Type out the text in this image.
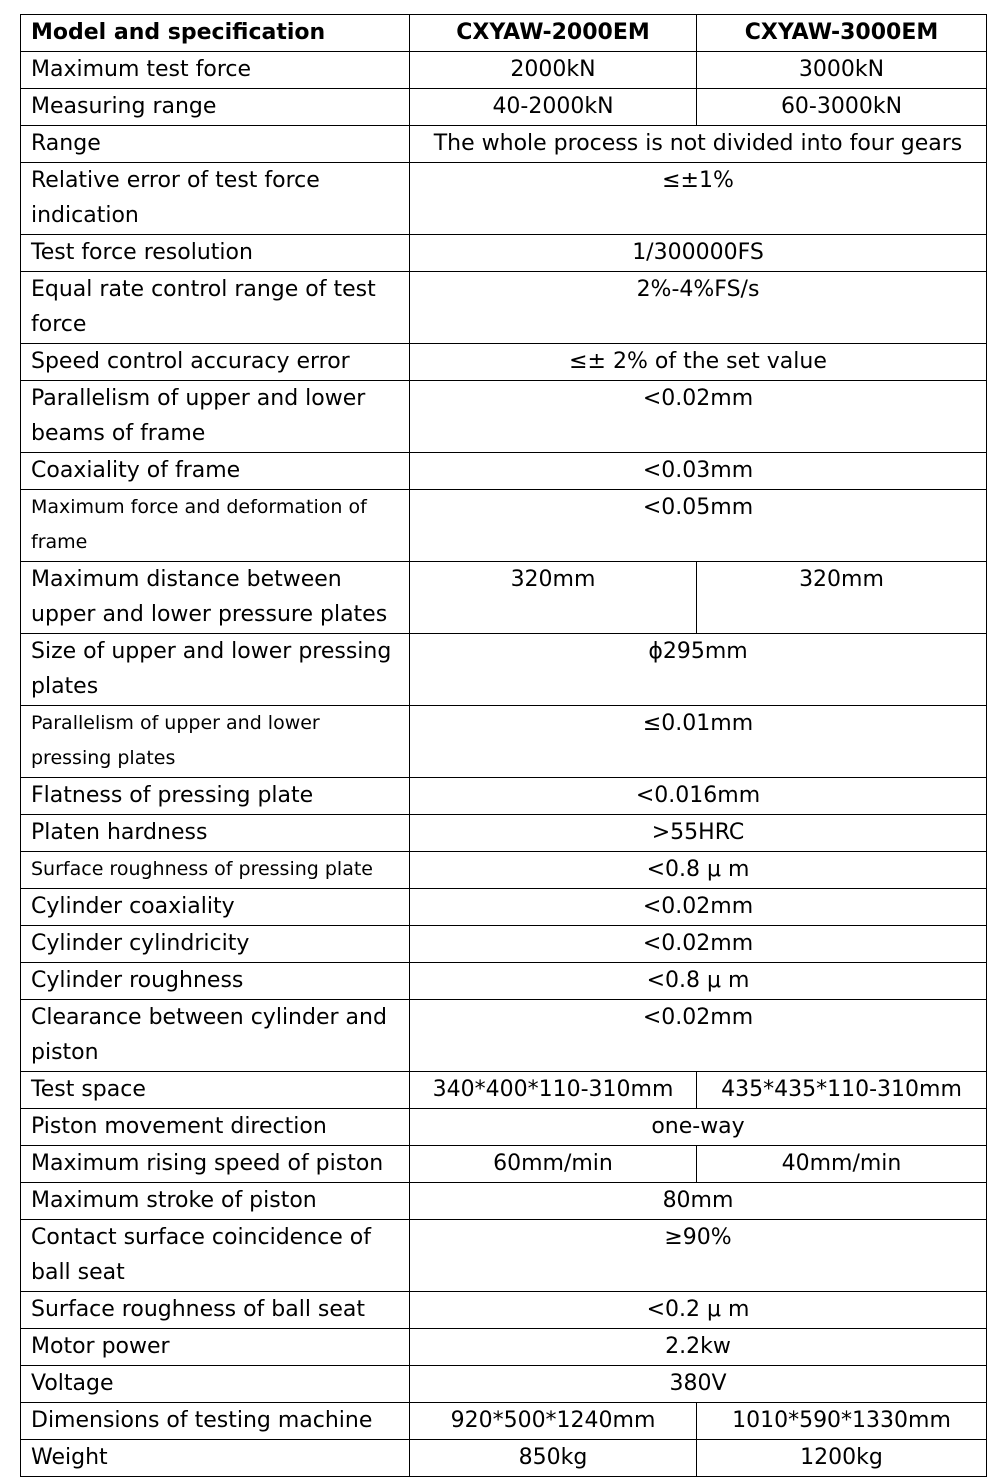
Model and specification	CXYAW-2000EM	CXYAW-3000EM
Maximum test force	2000kN	3000kN
Measuring range	40-2000kN	60-3000kN
Range	The whole process is not divided into four gears	
Relative error of test force indication	≤±1%	
Test force resolution	1/300000FS	
Equal rate control range of test force	2%-4%FS/s	
Speed control accuracy error	≤± 2% of the set value	
Parallelism of upper and lower beams of frame	<0.02mm	
Coaxiality of frame	<0.03mm	
Maximum force and deformation of frame	<0.05mm	
Maximum distance between upper and lower pressure plates	320mm	320mm
Size of upper and lower pressing plates	ϕ295mm	
Parallelism of upper and lower pressing plates	≤0.01mm	
Flatness of pressing plate	<0.016mm	
Platen hardness	>55HRC	
Surface roughness of pressing plate	<0.8 μ m	
Cylinder coaxiality	<0.02mm	
Cylinder cylindricity	<0.02mm	
Cylinder roughness	<0.8 μ m	
Clearance between cylinder and piston	<0.02mm	
Test space	340*400*110-310mm	435*435*110-310mm
Piston movement direction	one-way	
Maximum rising speed of piston	60mm/min	40mm/min
Maximum stroke of piston	80mm	
Contact surface coincidence of ball seat	≥90%	
Surface roughness of ball seat	<0.2 μ m	
Motor power	2.2kw	
Voltage	380V	
Dimensions of testing machine	920*500*1240mm	1010*590*1330mm
Weight	850kg	1200kg
